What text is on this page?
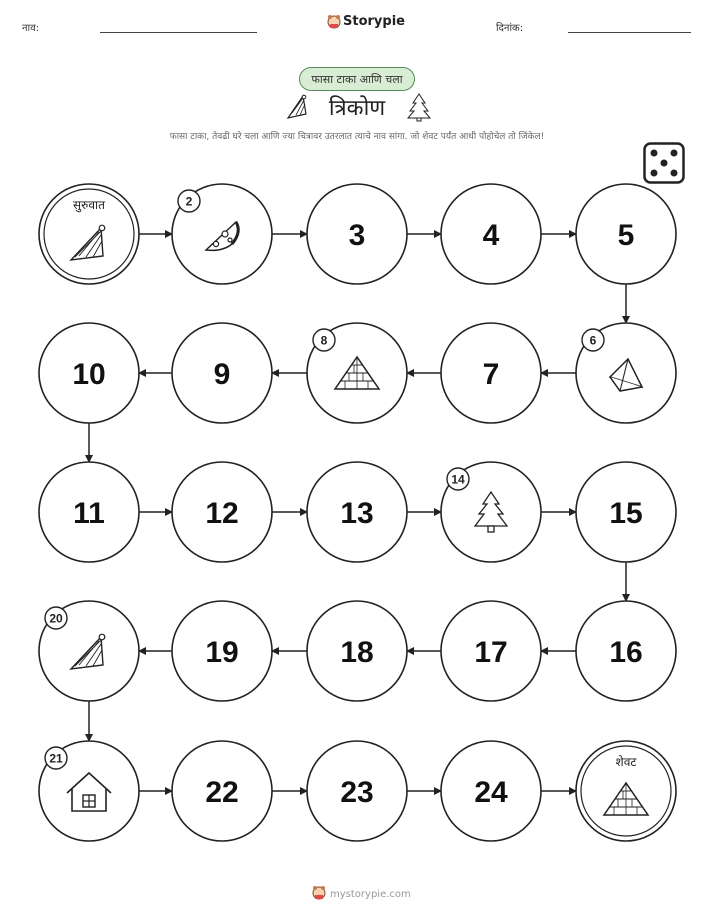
नाव:	Storypie	दिनांक:
फासा टाका आणि चला
त्रिकोण
फासा टाका, तेवढी घरे चला आणि ज्या चित्रावर उतरलात त्याचे नाव सांगा. जो शेवट पर्यंत आधी पोहोचेल तो जिंकेल!
सुरुवात	2
3	4	5
6
7
8
9
10
11	12	13
14
15
16
17
18
19
20
21
22	23	24
शेवट
mystorypie.com
